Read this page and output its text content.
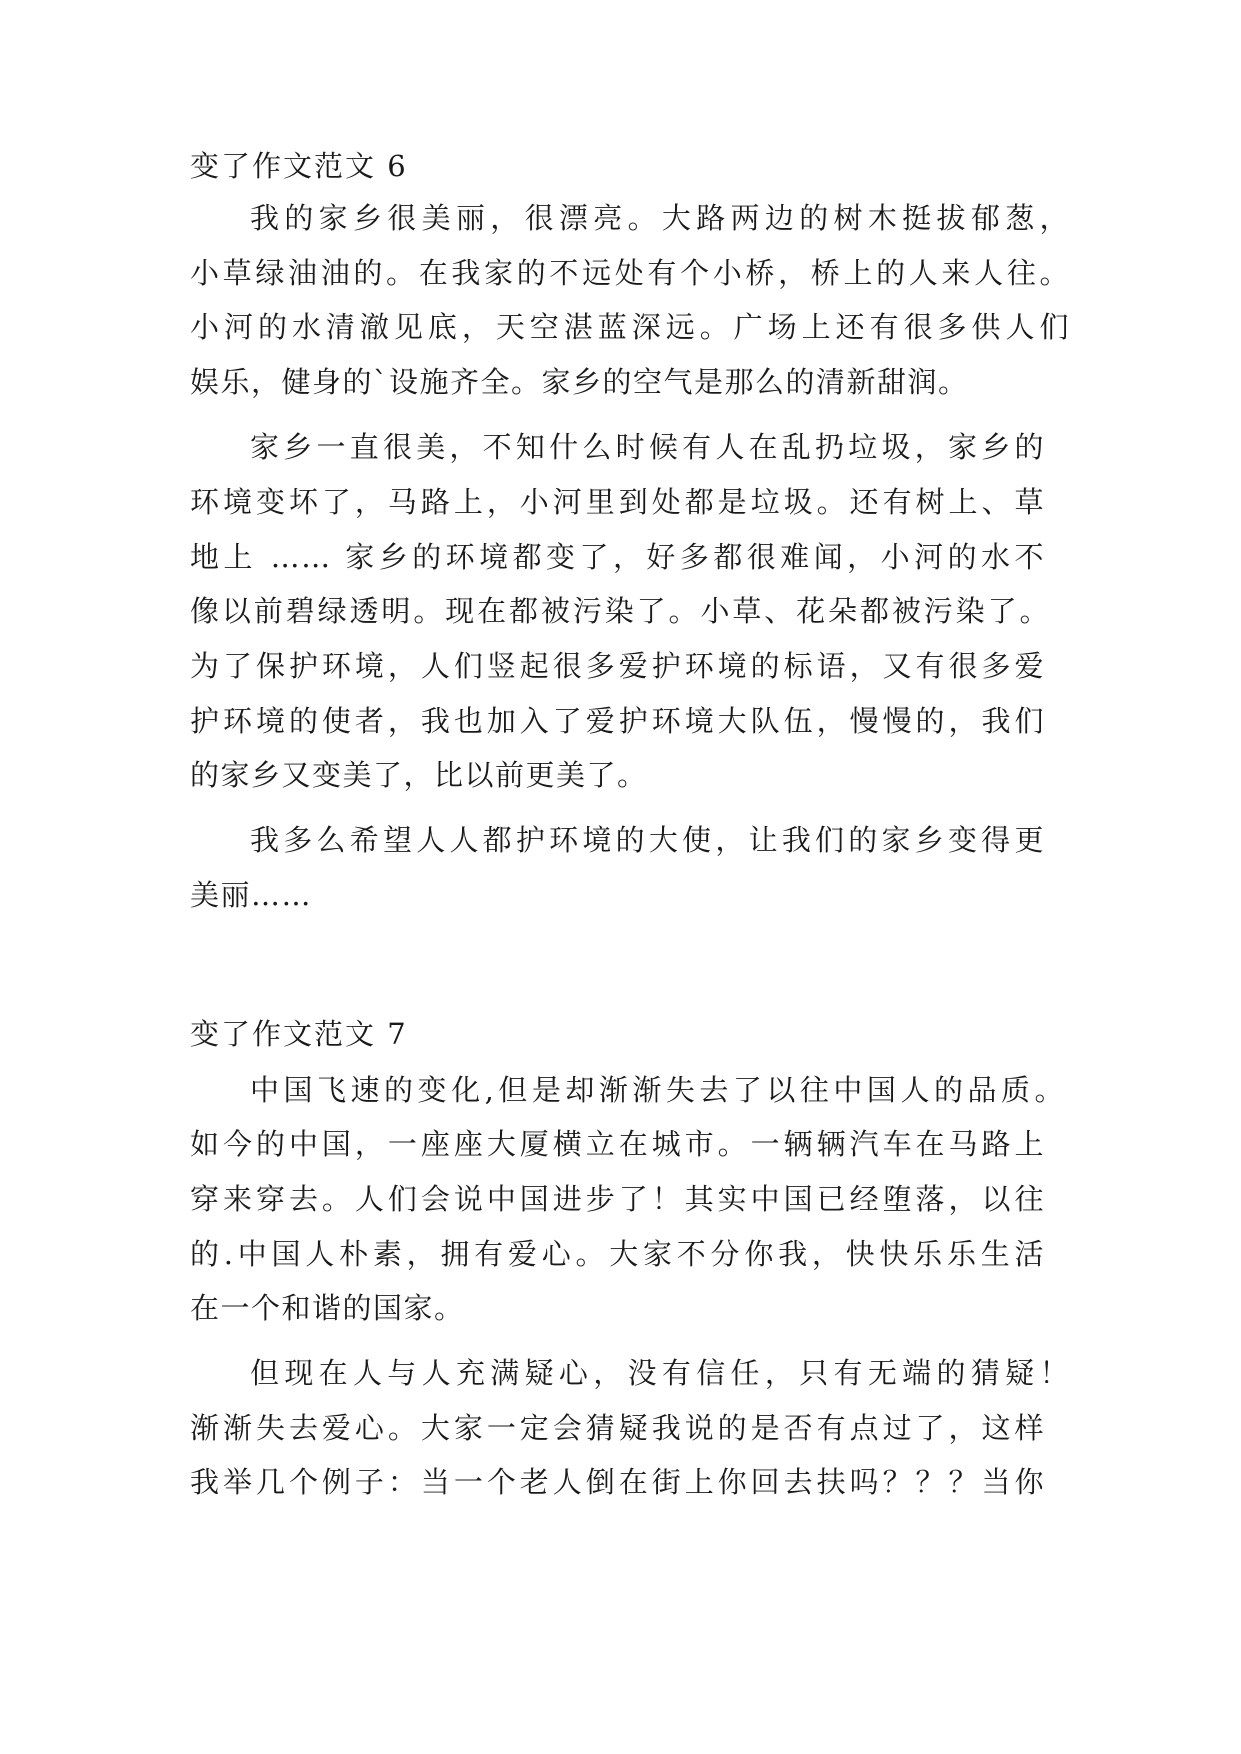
变了作文范文 6
我的家乡很美丽，很漂亮。大路两边的树木挺拔郁葱，
小草绿油油的。在我家的不远处有个小桥，桥上的人来人往。
小河的水清澈见底，天空湛蓝深远。广场上还有很多供人们
娱乐，健身的`设施齐全。家乡的空气是那么的清新甜润。
家乡一直很美，不知什么时候有人在乱扔垃圾，家乡的
环境变坏了，马路上，小河里到处都是垃圾。还有树上、草
地上 …… 家乡的环境都变了，好多都很难闻，小河的水不
像以前碧绿透明。现在都被污染了。小草、花朵都被污染了。
为了保护环境，人们竖起很多爱护环境的标语，又有很多爱
护环境的使者，我也加入了爱护环境大队伍，慢慢的，我们
的家乡又变美了，比以前更美了。
我多么希望人人都护环境的大使，让我们的家乡变得更
美丽……
变了作文范文 7
中国飞速的变化,但是却渐渐失去了以往中国人的品质。
如今的中国，一座座大厦横立在城市。一辆辆汽车在马路上
穿来穿去。人们会说中国进步了！其实中国已经堕落，以往
的.中国人朴素，拥有爱心。大家不分你我，快快乐乐生活
在一个和谐的国家。
但现在人与人充满疑心，没有信任，只有无端的猜疑！
渐渐失去爱心。大家一定会猜疑我说的是否有点过了，这样
我举几个例子：当一个老人倒在街上你回去扶吗？？？当你
